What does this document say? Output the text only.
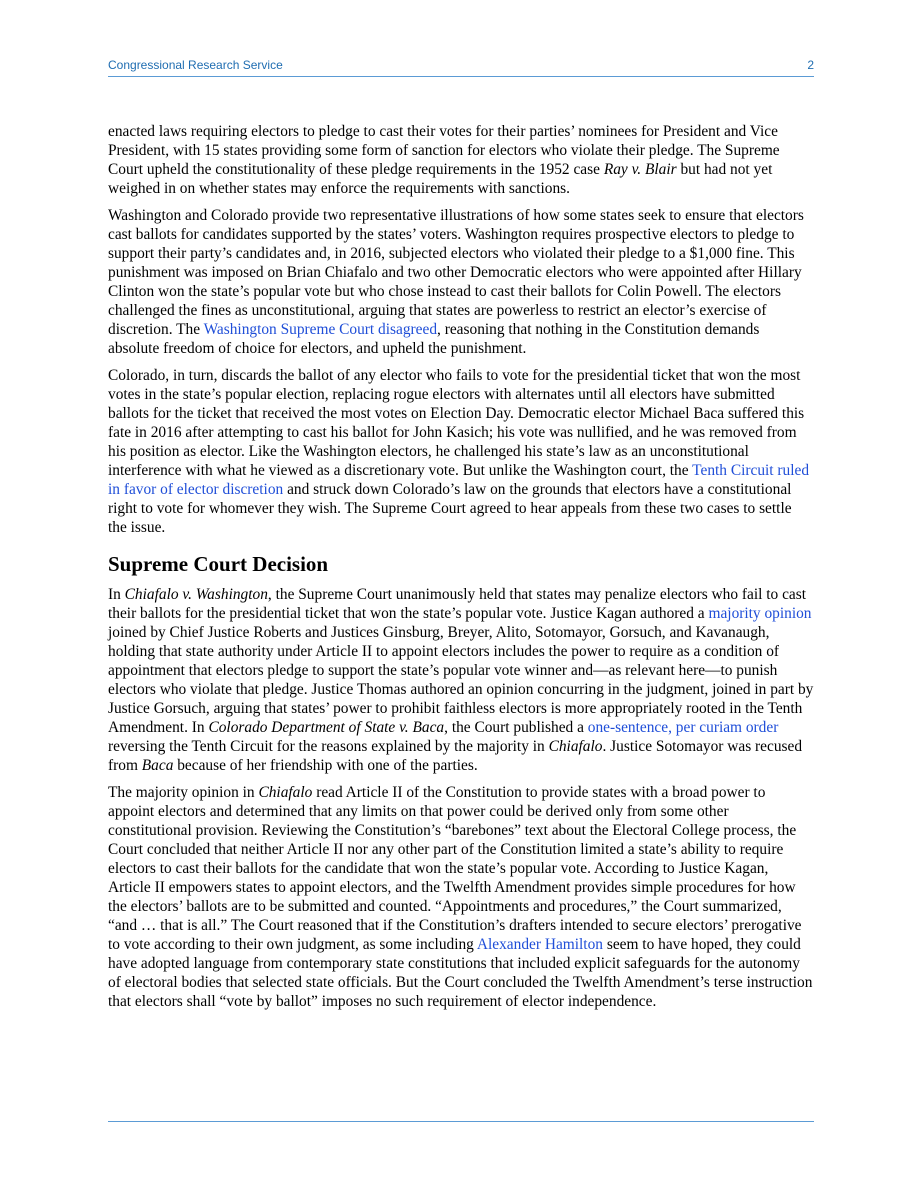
Congressional Research Service	2

enacted laws requiring electors to pledge to cast their votes for their parties’ nominees for President and Vice President, with 15 states providing some form of sanction for electors who violate their pledge. The Supreme Court upheld the constitutionality of these pledge requirements in the 1952 case Ray v. Blair but had not yet weighed in on whether states may enforce the requirements with sanctions.

Washington and Colorado provide two representative illustrations of how some states seek to ensure that electors cast ballots for candidates supported by the states’ voters. Washington requires prospective electors to pledge to support their party’s candidates and, in 2016, subjected electors who violated their pledge to a $1,000 fine. This punishment was imposed on Brian Chiafalo and two other Democratic electors who were appointed after Hillary Clinton won the state’s popular vote but who chose instead to cast their ballots for Colin Powell. The electors challenged the fines as unconstitutional, arguing that states are powerless to restrict an elector’s exercise of discretion. The Washington Supreme Court disagreed, reasoning that nothing in the Constitution demands absolute freedom of choice for electors, and upheld the punishment.

Colorado, in turn, discards the ballot of any elector who fails to vote for the presidential ticket that won the most votes in the state’s popular election, replacing rogue electors with alternates until all electors have submitted ballots for the ticket that received the most votes on Election Day. Democratic elector Michael Baca suffered this fate in 2016 after attempting to cast his ballot for John Kasich; his vote was nullified, and he was removed from his position as elector. Like the Washington electors, he challenged his state’s law as an unconstitutional interference with what he viewed as a discretionary vote. But unlike the Washington court, the Tenth Circuit ruled in favor of elector discretion and struck down Colorado’s law on the grounds that electors have a constitutional right to vote for whomever they wish. The Supreme Court agreed to hear appeals from these two cases to settle the issue.

Supreme Court Decision

In Chiafalo v. Washington, the Supreme Court unanimously held that states may penalize electors who fail to cast their ballots for the presidential ticket that won the state’s popular vote. Justice Kagan authored a majority opinion joined by Chief Justice Roberts and Justices Ginsburg, Breyer, Alito, Sotomayor, Gorsuch, and Kavanaugh, holding that state authority under Article II to appoint electors includes the power to require as a condition of appointment that electors pledge to support the state’s popular vote winner and—as relevant here—to punish electors who violate that pledge. Justice Thomas authored an opinion concurring in the judgment, joined in part by Justice Gorsuch, arguing that states’ power to prohibit faithless electors is more appropriately rooted in the Tenth Amendment. In Colorado Department of State v. Baca, the Court published a one-sentence, per curiam order reversing the Tenth Circuit for the reasons explained by the majority in Chiafalo. Justice Sotomayor was recused from Baca because of her friendship with one of the parties.

The majority opinion in Chiafalo read Article II of the Constitution to provide states with a broad power to appoint electors and determined that any limits on that power could be derived only from some other constitutional provision. Reviewing the Constitution’s “barebones” text about the Electoral College process, the Court concluded that neither Article II nor any other part of the Constitution limited a state’s ability to require electors to cast their ballots for the candidate that won the state’s popular vote. According to Justice Kagan, Article II empowers states to appoint electors, and the Twelfth Amendment provides simple procedures for how the electors’ ballots are to be submitted and counted. “Appointments and procedures,” the Court summarized, “and … that is all.” The Court reasoned that if the Constitution’s drafters intended to secure electors’ prerogative to vote according to their own judgment, as some including Alexander Hamilton seem to have hoped, they could have adopted language from contemporary state constitutions that included explicit safeguards for the autonomy of electoral bodies that selected state officials. But the Court concluded the Twelfth Amendment’s terse instruction that electors shall “vote by ballot” imposes no such requirement of elector independence.
